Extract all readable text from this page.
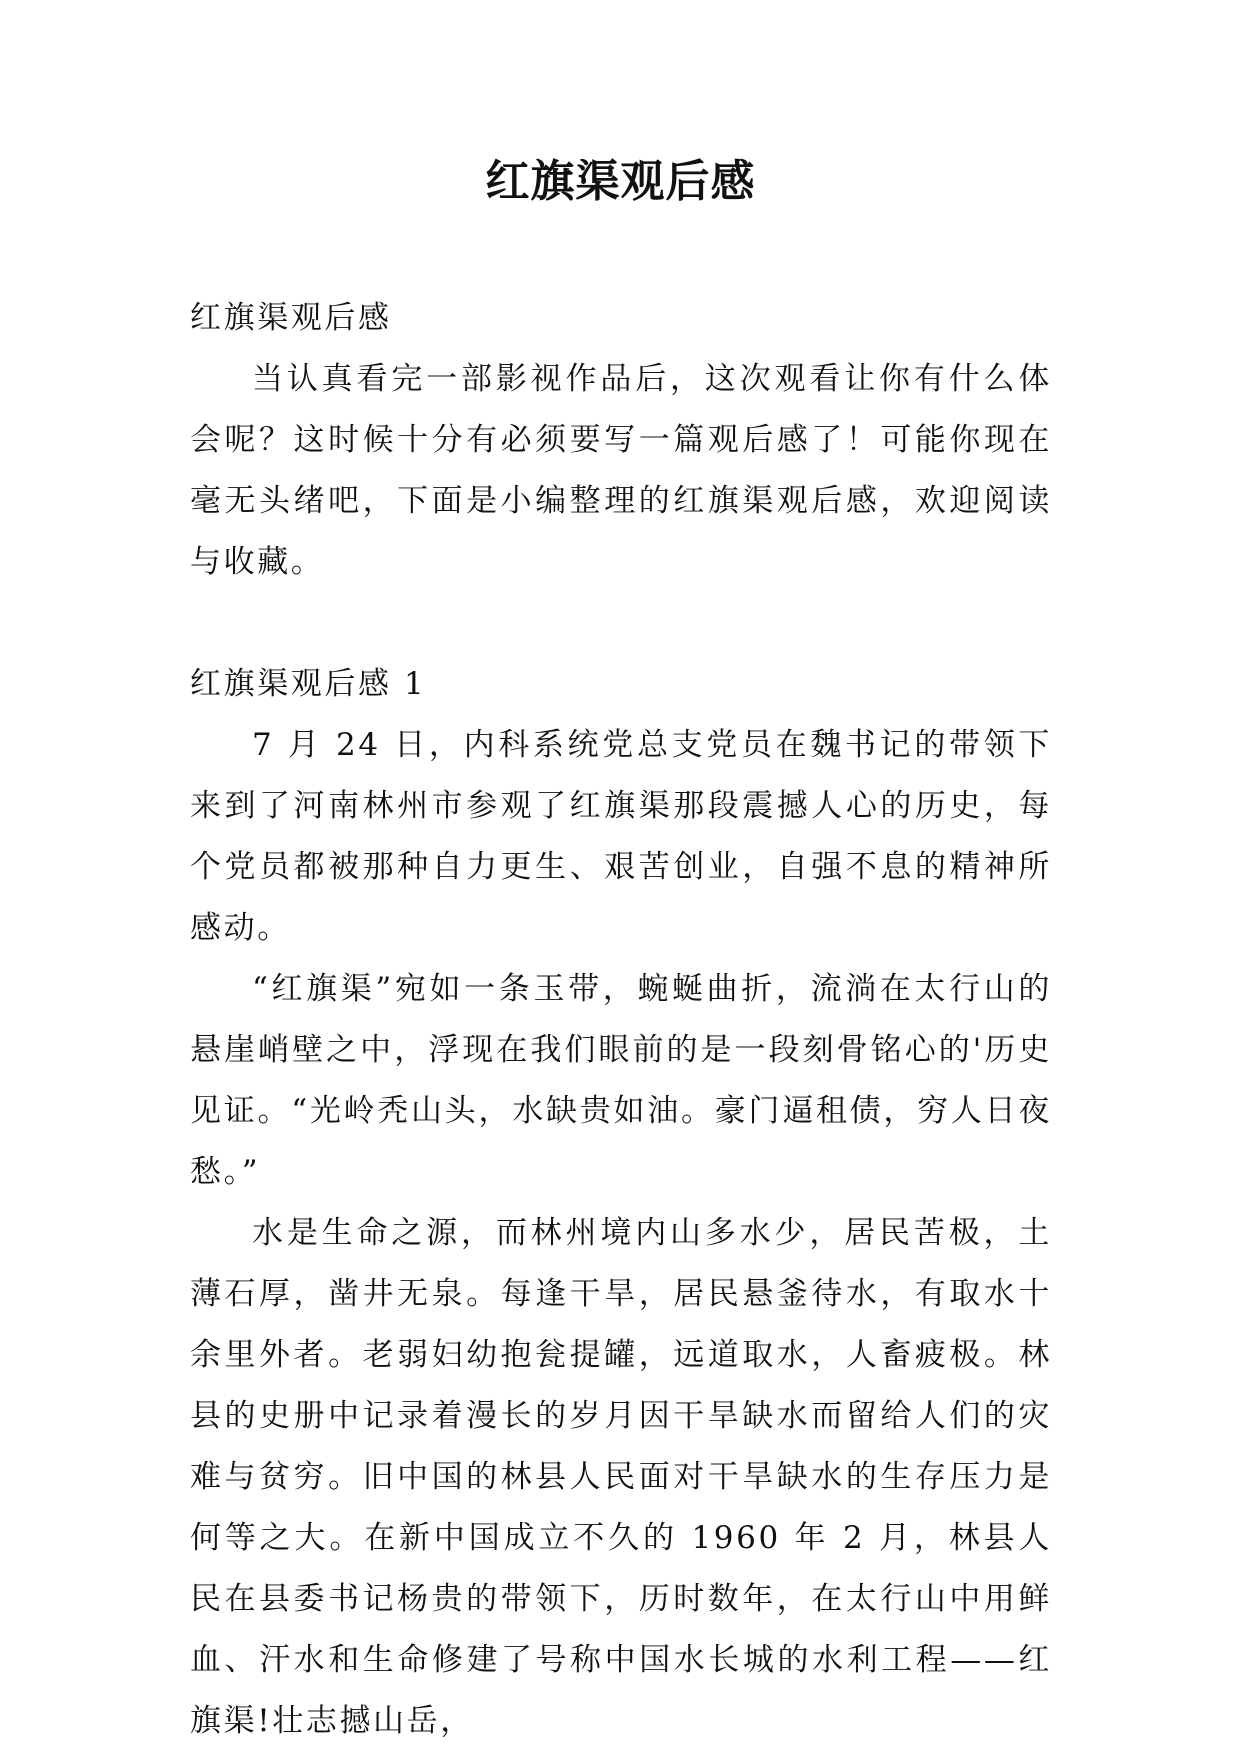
红旗渠观后感

红旗渠观后感

当认真看完一部影视作品后，这次观看让你有什么体会呢？这时候十分有必须要写一篇观后感了！可能你现在毫无头绪吧，下面是小编整理的红旗渠观后感，欢迎阅读与收藏。

红旗渠观后感 1

7 月 24 日，内科系统党总支党员在魏书记的带领下来到了河南林州市参观了红旗渠那段震撼人心的历史，每个党员都被那种自力更生、艰苦创业，自强不息的精神所感动。

“红旗渠”宛如一条玉带，蜿蜒曲折，流淌在太行山的悬崖峭壁之中，浮现在我们眼前的是一段刻骨铭心的'历史见证。“光岭秃山头，水缺贵如油。豪门逼租债，穷人日夜愁。”

水是生命之源，而林州境内山多水少，居民苦极，土薄石厚，凿井无泉。每逢干旱，居民悬釜待水，有取水十余里外者。老弱妇幼抱瓮提罐，远道取水，人畜疲极。林县的史册中记录着漫长的岁月因干旱缺水而留给人们的灾难与贫穷。旧中国的林县人民面对干旱缺水的生存压力是何等之大。在新中国成立不久的 1960 年 2 月，林县人民在县委书记杨贵的带领下，历时数年，在太行山中用鲜血、汗水和生命修建了号称中国水长城的水利工程——红旗渠!壮志撼山岳，
